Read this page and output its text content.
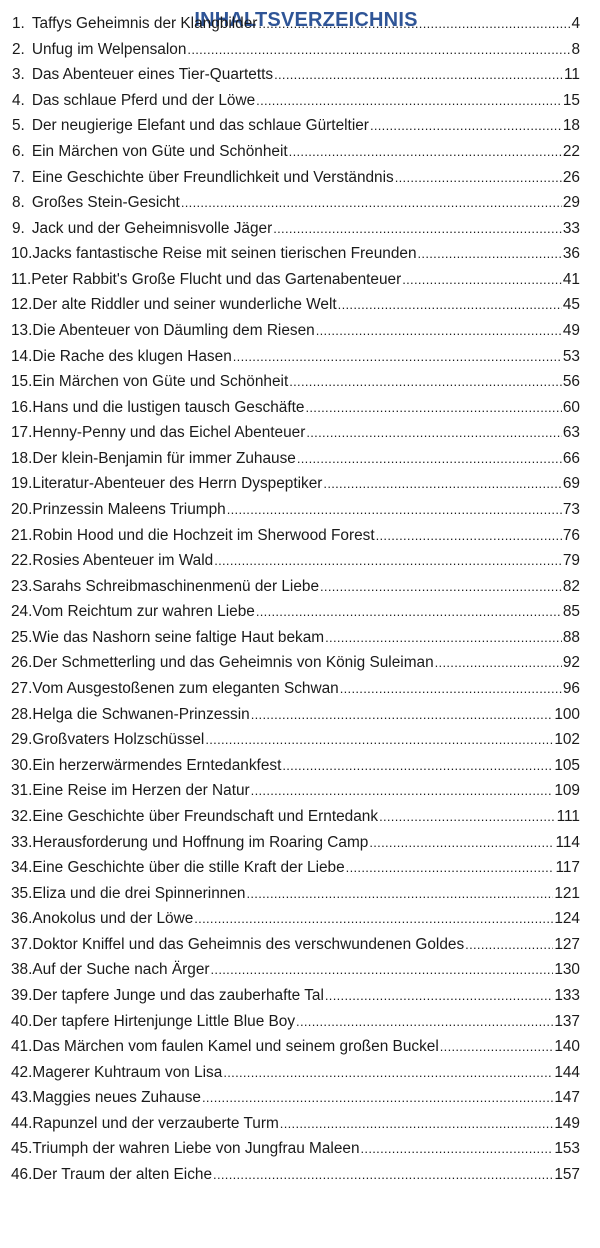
INHALTSVERZEICHNIS
1. Taffys Geheimnis der Klangbilder .....	4
2. Unfug im Welpensalon .....	8
3. Das Abenteuer eines Tier-Quartetts .....	11
4. Das schlaue Pferd und der Löwe .....	15
5. Der neugierige Elefant und das schlaue Gürteltier .....	18
6. Ein Märchen von Güte und Schönheit .....	22
7. Eine Geschichte über Freundlichkeit und Verständnis .....	26
8. Großes Stein-Gesicht .....	29
9. Jack und der Geheimnisvolle Jäger .....	33
10. Jacks fantastische Reise mit seinen tierischen Freunden .....	36
11. Peter Rabbit's Große Flucht und das Gartenabenteuer .....	41
12. Der alte Riddler und seiner wunderliche Welt .....	45
13. Die Abenteuer von Däumling dem Riesen .....	49
14. Die Rache des klugen Hasen .....	53
15. Ein Märchen von Güte und Schönheit .....	56
16. Hans und die lustigen tausch Geschäfte .....	60
17. Henny-Penny und das Eichel Abenteuer .....	63
18. Der klein-Benjamin für immer Zuhause .....	66
19. Literatur-Abenteuer des Herrn Dyspeptiker .....	69
20. Prinzessin Maleens Triumph .....	73
21. Robin Hood und die Hochzeit im Sherwood Forest .....	76
22. Rosies Abenteuer im Wald .....	79
23. Sarahs Schreibmaschinenmenü der Liebe .....	82
24. Vom Reichtum zur wahren Liebe .....	85
25. Wie das Nashorn seine faltige Haut bekam .....	88
26. Der Schmetterling und das Geheimnis von König Suleiman .....	92
27. Vom Ausgestoßenen zum eleganten Schwan .....	96
28. Helga die Schwanen-Prinzessin .....	100
29. Großvaters Holzschüssel .....	102
30. Ein herzerwärmendes Erntedankfest .....	105
31. Eine Reise im Herzen der Natur .....	109
32. Eine Geschichte über Freundschaft und Erntedank .....	111
33. Herausforderung und Hoffnung im Roaring Camp .....	114
34. Eine Geschichte über die stille Kraft der Liebe .....	117
35. Eliza und die drei Spinnerinnen .....	121
36. Anokolus und der Löwe .....	124
37. Doktor Kniffel und das Geheimnis des verschwundenen Goldes .....	127
38. Auf der Suche nach Ärger .....	130
39. Der tapfere Junge und das zauberhafte Tal .....	133
40. Der tapfere Hirtenjunge Little Blue Boy .....	137
41. Das Märchen vom faulen Kamel und seinem großen Buckel .....	140
42. Magerer Kuhtraum von Lisa .....	144
43. Maggies neues Zuhause .....	147
44. Rapunzel und der verzauberte Turm .....	149
45. Triumph der wahren Liebe von Jungfrau Maleen .....	153
46. Der Traum der alten Eiche .....	157
